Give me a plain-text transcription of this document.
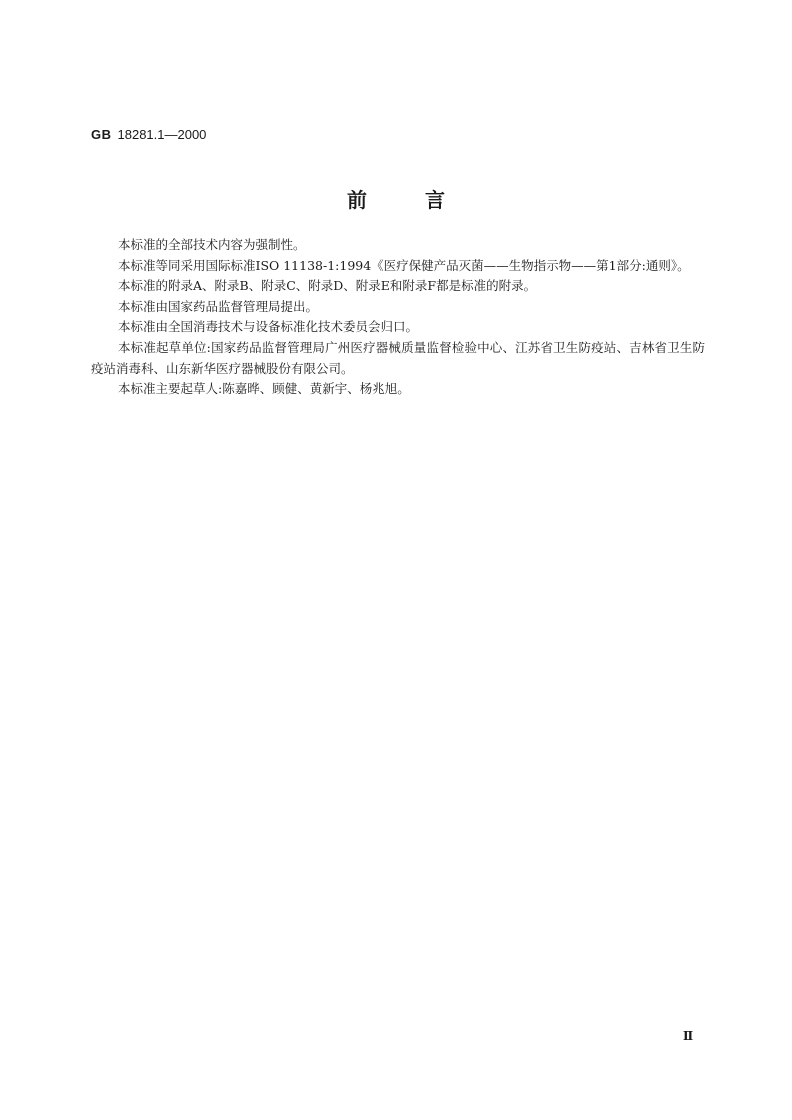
GB 18281.1—2000
前言

本标准的全部技术内容为强制性。

本标准等同采用国际标准ISO 11138-1:1994《医疗保健产品灭菌——生物指示物——第1部分:通则》。

本标准的附录A、附录B、附录C、附录D、附录E和附录F都是标准的附录。

本标准由国家药品监督管理局提出。

本标准由全国消毒技术与设备标准化技术委员会归口。

本标准起草单位:国家药品监督管理局广州医疗器械质量监督检验中心、江苏省卫生防疫站、吉林省卫生防疫站消毒科、山东新华医疗器械股份有限公司。

本标准主要起草人:陈嘉晔、顾健、黄新宇、杨兆旭。

Ⅱ
